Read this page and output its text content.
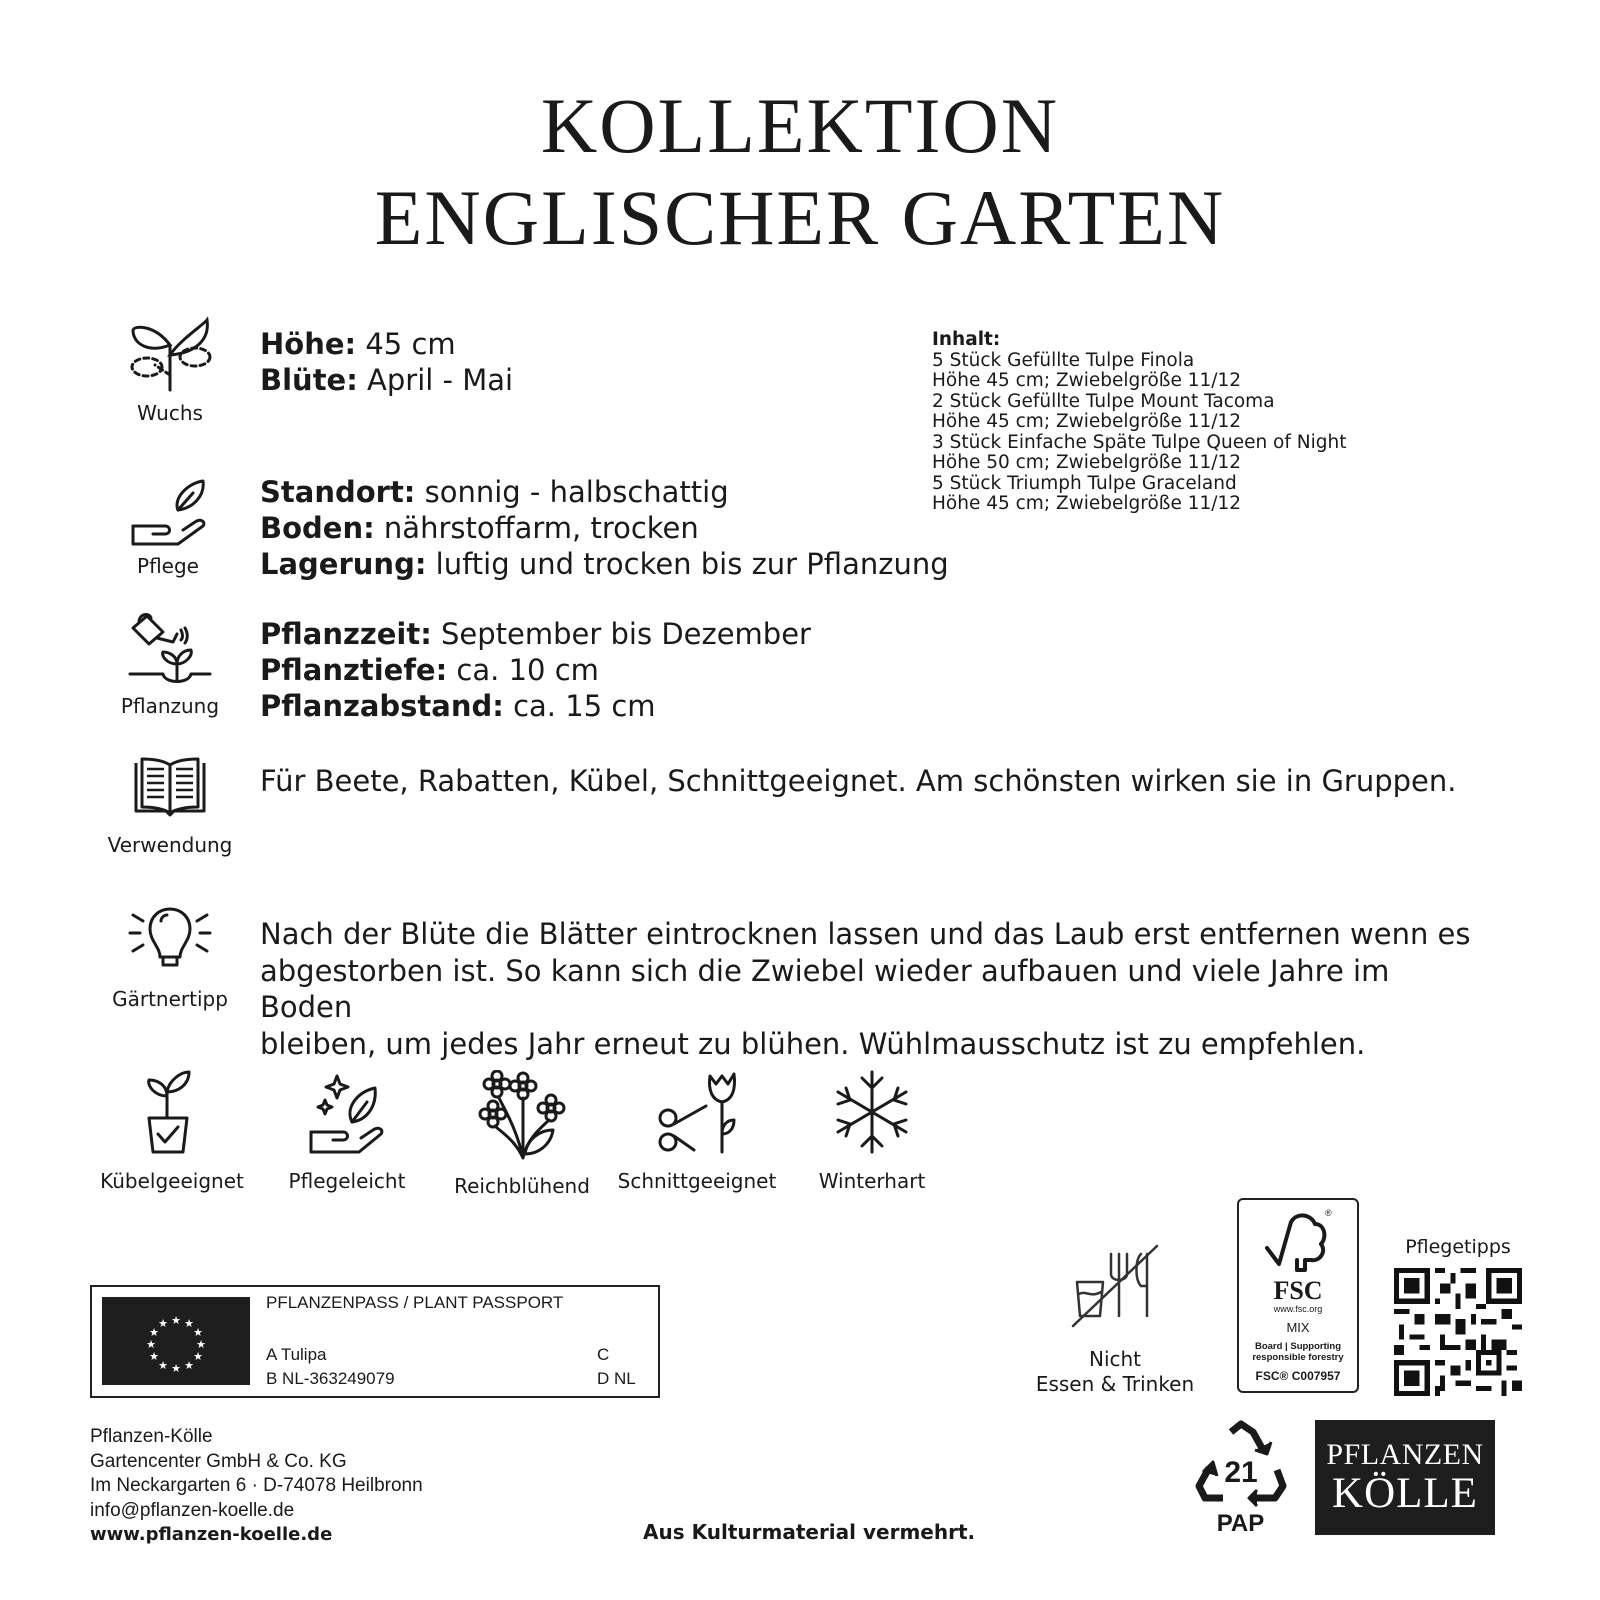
KOLLEKTION
ENGLISCHER GARTEN
Wuchs
Höhe: 45 cm
Blüte: April - Mai
Pflege
Standort: sonnig - halbschattig
Boden: nährstoffarm, trocken
Lagerung: luftig und trocken bis zur Pflanzung
Pflanzung
Pflanzzeit: September bis Dezember
Pflanztiefe: ca. 10 cm
Pflanzabstand: ca. 15 cm
Verwendung
Für Beete, Rabatten, Kübel, Schnittgeeignet. Am schönsten wirken sie in Gruppen.
Gärtnertipp
Nach der Blüte die Blätter eintrocknen lassen und das Laub erst entfernen wenn es
abgestorben ist. So kann sich die Zwiebel wieder aufbauen und viele Jahre im Boden
bleiben, um jedes Jahr erneut zu blühen. Wühlmausschutz ist zu empfehlen.
Inhalt:
5 Stück Gefüllte Tulpe Finola
Höhe 45 cm; Zwiebelgröße 11/12
2 Stück Gefüllte Tulpe Mount Tacoma
Höhe 45 cm; Zwiebelgröße 11/12
3 Stück Einfache Späte Tulpe Queen of Night
Höhe 50 cm; Zwiebelgröße 11/12
5 Stück Triumph Tulpe Graceland
Höhe 45 cm; Zwiebelgröße 11/12
Kübelgeeignet	Pflegeleicht	Reichblühend	Schnittgeeignet	Winterhart
★ ★
★
★
★
★
★
★
★
★
★
★
PFLANZENPASS / PLANT PASSPORT
A Tulipa
B NL-363249079
C
D NL
Pflanzen-Kölle
Gartencenter GmbH & Co. KG
Im Neckargarten 6 · D-74078 Heilbronn
info@pflanzen-koelle.de
www.pflanzen-koelle.de	Aus Kulturmaterial vermehrt.
Nicht
Essen & Trinken
®
FSC
www.fsc.org
MIX
Board | Supporting
responsible forestry
FSC® C007957
Pflegetipps
21
PAP
PFLANZEN
KÖLLE
